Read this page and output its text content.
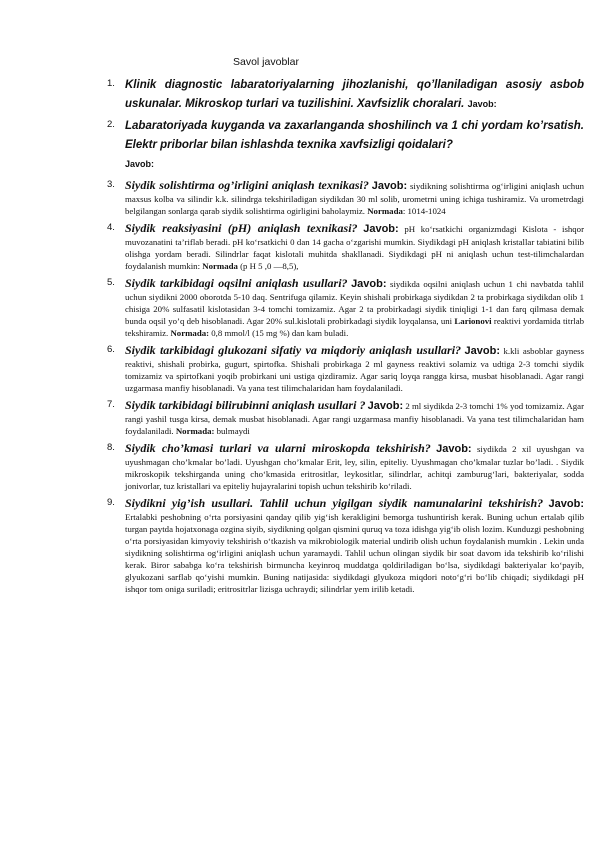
Savol javoblar
1. Klinik diagnostic labaratoriyalarning jihozlanishi, qo’llaniladigan asosiy asbob uskunalar. Mikroskop turlari va tuzilishini. Xavfsizlik choralari. Javob:

2. Labaratoriyada kuyganda va zaxarlanganda shoshilinch va 1 chi yordam ko’rsatish. Elektr priborlar bilan ishlashda texnika xavfsizligi qoidalari?
Javob:

3. Siydik solishtirma og’irligini aniqlash texnikasi? Javob: siydikning solishtirma og‘irligini aniqlash uchun maxsus kolba va silindir k.k. silindrga tekshiriladigan siydikdan 30 ml solib, urometrni uning ichiga tushiramiz. Va urometrdagi belgilangan sonlarga qarab siydik solishtirma ogirligini baholaymiz. Normada: 1014-1024

4. Siydik reaksiyasini (pH) aniqlash texnikasi? Javob: pH ko‘rsatkichi organizmdagi Kislota - ishqor muvozanatini ta’riflab beradi. pH ko‘rsatkichi 0 dan 14 gacha o‘zgarishi mumkin. Siydikdagi pH aniqlash kristallar tabiatini bilib olishga yordam beradi. Silindrlar faqat kislotali muhitda shakllanadi. Siydikdagi pH ni aniqlash uchun test-tilimchalardan foydalanish mumkin: Normada (p H 5 ,0 —8,5),

5. Siydik tarkibidagi oqsilni aniqlash usullari? Javob: siydikda oqsilni aniqlash uchun 1 chi navbatda tahlil uchun siydikni 2000 oborotda 5-10 daq. Sentrifuga qilamiz. Keyin shishali probirkaga siydikdan 2 ta probirkaga siydikdan olib 1 chisiga 20% sulfasatil kislotasidan 3-4 tomchi tomizamiz. Agar 2 ta probirkadagi siydik tiniqligi 1-1 dan farq qilmasa demak bunda oqsil yo’q deb hisoblanadi. Agar 20% sul.kislotali probirkadagi siydik loyqalansa, uni Larionovi reaktivi yordamida titrlab tekshiramiz. Normada: 0,8 mmol/l (15 mg %) dan kam buladi.

6. Siydik tarkibidagi glukozani sifatiy va miqdoriy aniqlash usullari? Javob: k.kli asboblar gayness reaktivi, shishali probirka, gugurt, spirtofka. Shishali probirkaga 2 ml gayness reaktivi solamiz va udtiga 2-3 tomchi siydik tomizamiz va spirtofkani yoqib probirkani uni ustiga qizdiramiz. Agar sariq loyqa rangga kirsa, musbat hisoblanadi. Agar rangi uzgarmasa manfiy hisoblanadi. Va yana test tilimchalaridan ham foydalaniladi.

7. Siydik tarkibidagi bilirubinni aniqlash usullari ? Javob: 2 ml siydikda 2-3 tomchi 1% yod tomizamiz. Agar rangi yashil tusga kirsa, demak musbat hisoblanadi. Agar rangi uzgarmasa manfiy hisoblanadi. Va yana test tilimchalaridan ham foydalaniladi. Normada: bulmaydi

8. Siydik cho’kmasi turlari va ularni miroskopda tekshirish? Javob: siydikda 2 xil uyushgan va uyushmagan cho’kmalar bo’ladi. Uyushgan cho’kmalar Erit, ley, silin, epiteliy. Uyushmagan cho’kmalar tuzlar bo’ladi. . Siydik mikroskopik tekshirganda uning cho‘kmasida eritrositlar, leykositlar, silindrlar, achitqi zamburug‘lari, bakteriyalar, sodda jonivorlar, tuz kristallari va epiteliy hujayralarini topish uchun tekshirib ko‘riladi.

9. Siydikni yig’ish usullari. Tahlil uchun yigilgan siydik namunalarini tekshirish? Javob: Ertalabki peshobning o‘rta porsiyasini qanday qilib yig‘ish kerakligini bemorga tushuntirish kerak. Buning uchun ertalab qilib turgan paytda hojatxonaga ozgina siyib, siydikning qolgan qismini quruq va toza idishga yig‘ib olish lozim. Kunduzgi peshobning o‘rta porsiyasidan kimyoviy tekshirish o‘tkazish va mikrobiologik material undirib olish uchun foydalanish mumkin . Lekin unda siydikning solishtirma og‘irligini aniqlash uchun yaramaydi. Tahlil uchun olingan siydik bir soat davom ida tekshirib ko‘rilishi kerak. Biror sababga ko‘ra tekshirish birmuncha keyinroq muddatga qoldiriladigan bo‘lsa, siydikdagi bakteriyalar ko‘payib, glyukozani sarflab qo‘yishi mumkin. Buning natijasida: siydikdagi glyukoza miqdori noto‘g‘ri bo‘lib chiqadi; siydikdagi pH ishqor tom oniga suriladi; eritrositrlar lizisga uchraydi; silindrlar yem irilib ketadi.
